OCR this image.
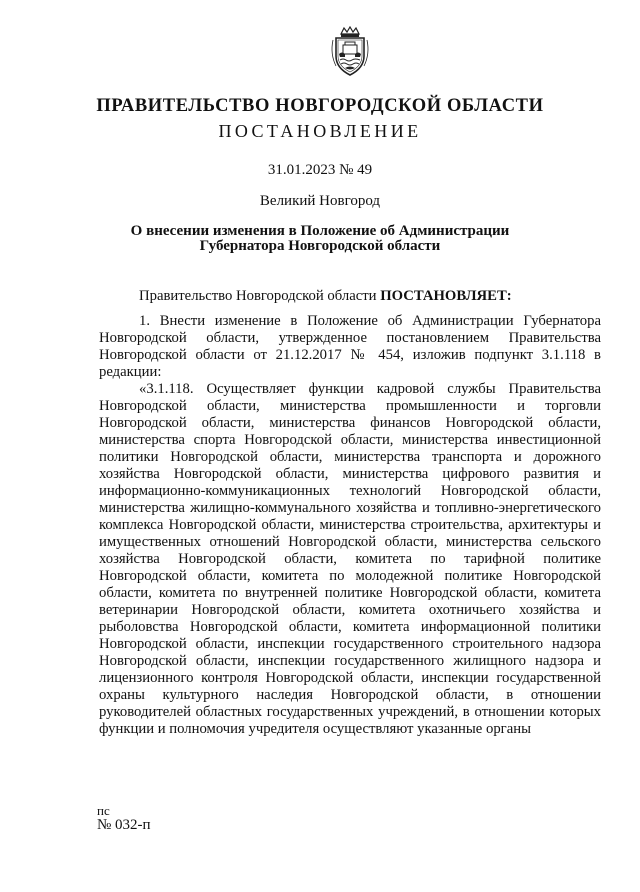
ПРАВИТЕЛЬСТВО НОВГОРОДСКОЙ ОБЛАСТИ
ПОСТАНОВЛЕНИЕ
31.01.2023 № 49
Великий Новгород
О внесении изменения в Положение об Администрации
Губернатора Новгородской области

Правительство Новгородской области ПОСТАНОВЛЯЕТ:

1. Внести изменение в Положение об Администрации Губернатора Новгородской области, утвержденное постановлением Правительства Новгородской области от 21.12.2017 № 454, изложив подпункт 3.1.118 в редакции:

«3.1.118. Осуществляет функции кадровой службы Правительства Новгородской области, министерства промышленности и торговли Новгородской области, министерства финансов Новгородской области, министерства спорта Новгородской области, министерства инвестиционной политики Новгородской области, министерства транспорта и дорожного хозяйства Новгородской области, министерства цифрового развития и информационно-коммуникационных технологий Новгородской области, министерства жилищно-коммунального хозяйства и топливно-энергетического комплекса Новгородской области, министерства строительства, архитектуры и имущественных отношений Новгородской области, министерства сельского хозяйства Новгородской области, комитета по тарифной политике Новгородской области, комитета по молодежной политике Новгородской области, комитета по внутренней политике Новгородской области, комитета ветеринарии Новгородской области, комитета охотничьего хозяйства и рыболовства Новгородской области, комитета информационной политики Новгородской области, инспекции государственного строительного надзора Новгородской области, инспекции государственного жилищного надзора и лицензионного контроля Новгородской области, инспекции государственной охраны культурного наследия Новгородской области, в отношении руководителей областных государственных учреждений, в отношении которых функции и полномочия учредителя осуществляют указанные органы

пс
№ 032-п
